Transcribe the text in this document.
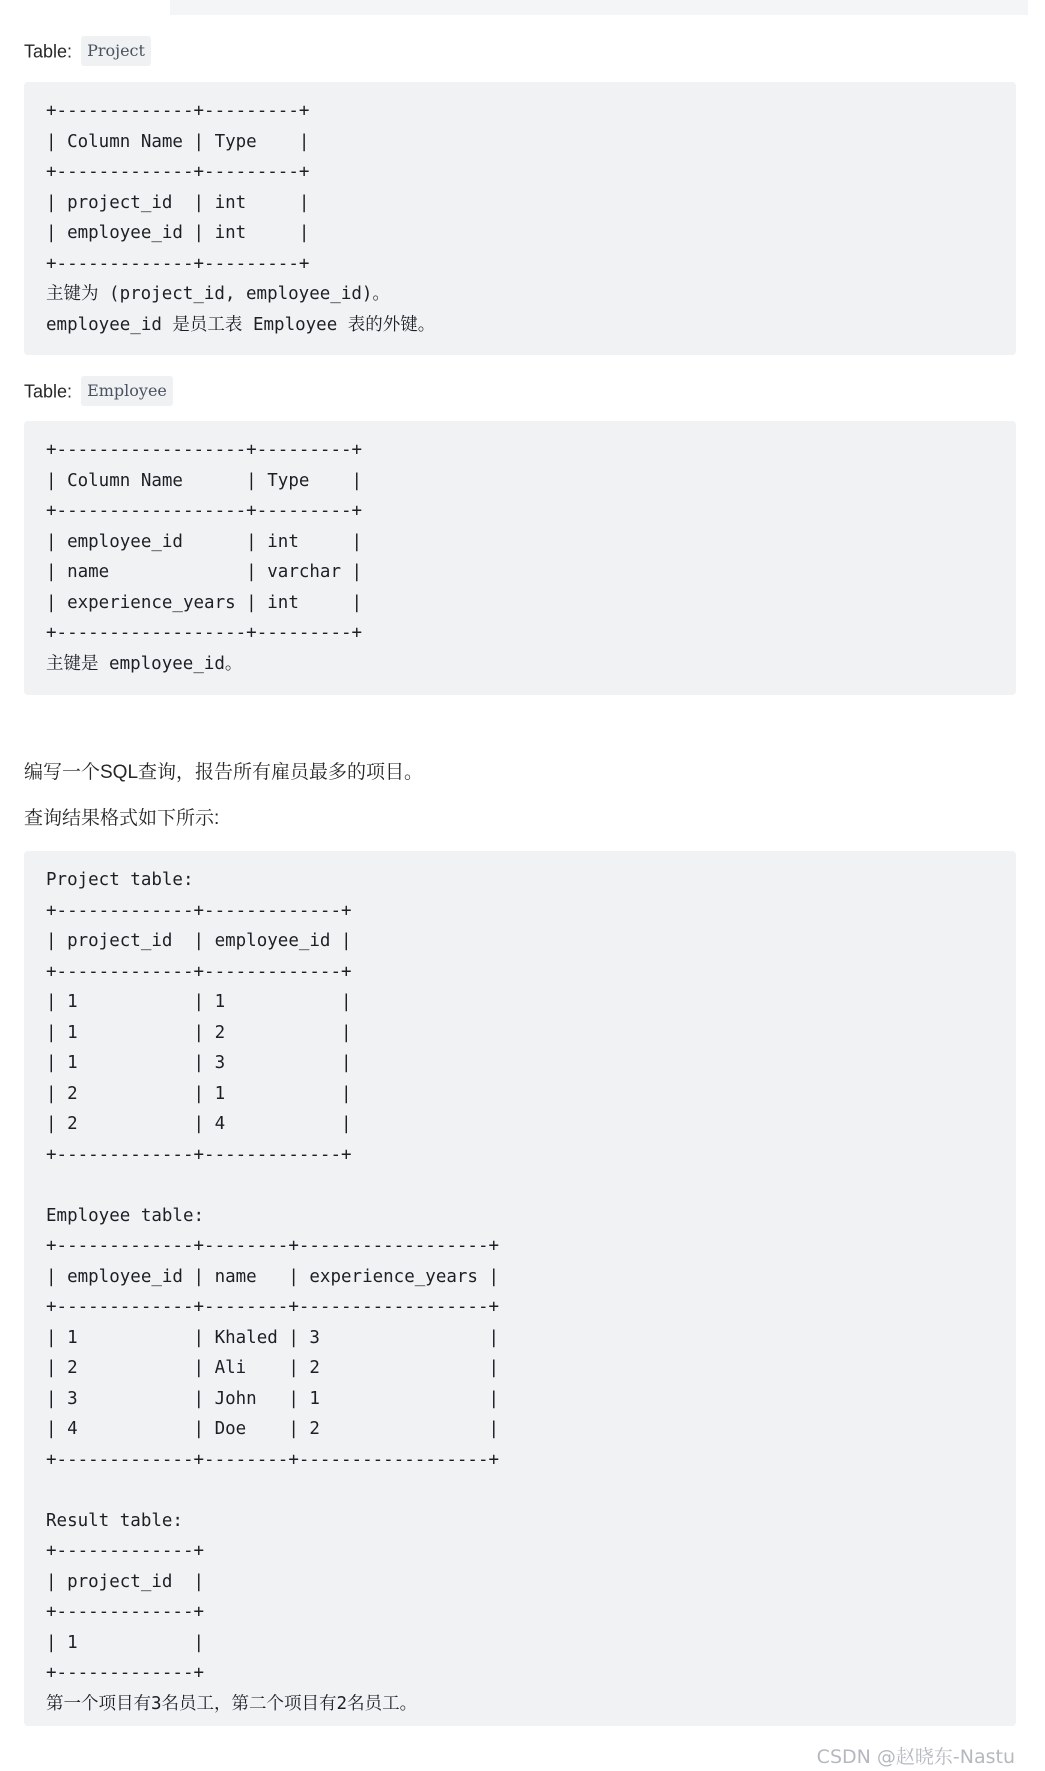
Table: Project
+-------------+---------+
| Column Name | Type    |
+-------------+---------+
| project_id  | int     |
| employee_id | int     |
+-------------+---------+
主键为 (project_id, employee_id)。
employee_id 是员工表 Employee 表的外键。
Table: Employee
+------------------+---------+
| Column Name      | Type    |
+------------------+---------+
| employee_id      | int     |
| name             | varchar |
| experience_years | int     |
+------------------+---------+
主键是 employee_id。
编写一个SQL查询，报告所有雇员最多的项目。
查询结果格式如下所示:
Project table:
+-------------+-------------+
| project_id  | employee_id |
+-------------+-------------+
| 1           | 1           |
| 1           | 2           |
| 1           | 3           |
| 2           | 1           |
| 2           | 4           |
+-------------+-------------+

Employee table:
+-------------+--------+------------------+
| employee_id | name   | experience_years |
+-------------+--------+------------------+
| 1           | Khaled | 3                |
| 2           | Ali    | 2                |
| 3           | John   | 1                |
| 4           | Doe    | 2                |
+-------------+--------+------------------+

Result table:
+-------------+
| project_id  |
+-------------+
| 1           |
+-------------+
第一个项目有3名员工，第二个项目有2名员工。
CSDN @赵晓东-Nastu
